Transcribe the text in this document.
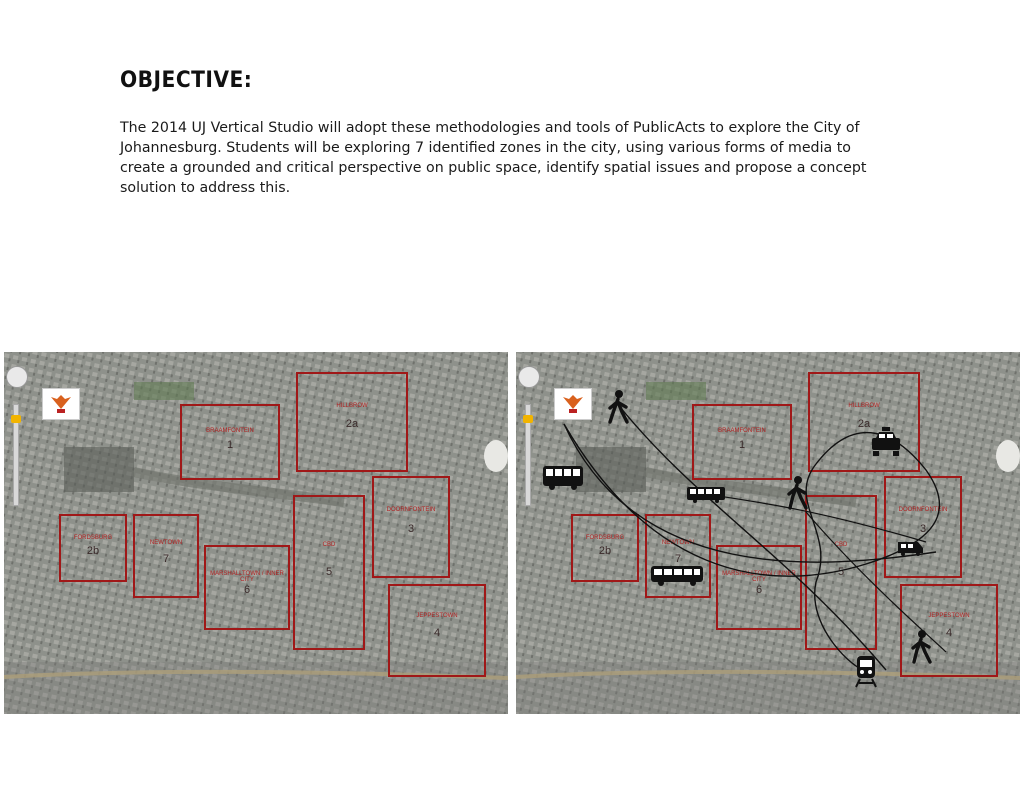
OBJECTIVE:

The 2014 UJ Vertical Studio will adopt these methodologies and tools of PublicActs to explore the City of Johannesburg. Students will be exploring 7 identified zones in the city, using various forms of media to create a grounded and critical perspective on public space, identify spatial issues and propose a concept solution to address this.

BRAAMFONTEIN
1
HILLBROW
2a
FORDSBURG
2b
NEWTOWN
7
MARSHALLTOWN / INNER CITY
6
CBD
5
DOORNFONTEIN
3
JEPPESTOWN
4
BRAAMFONTEIN
1
HILLBROW
2a
FORDSBURG
2b
NEWTOWN
7
MARSHALLTOWN / INNER CITY
6
CBD
5
DOORNFONTEIN
3
JEPPESTOWN
4
